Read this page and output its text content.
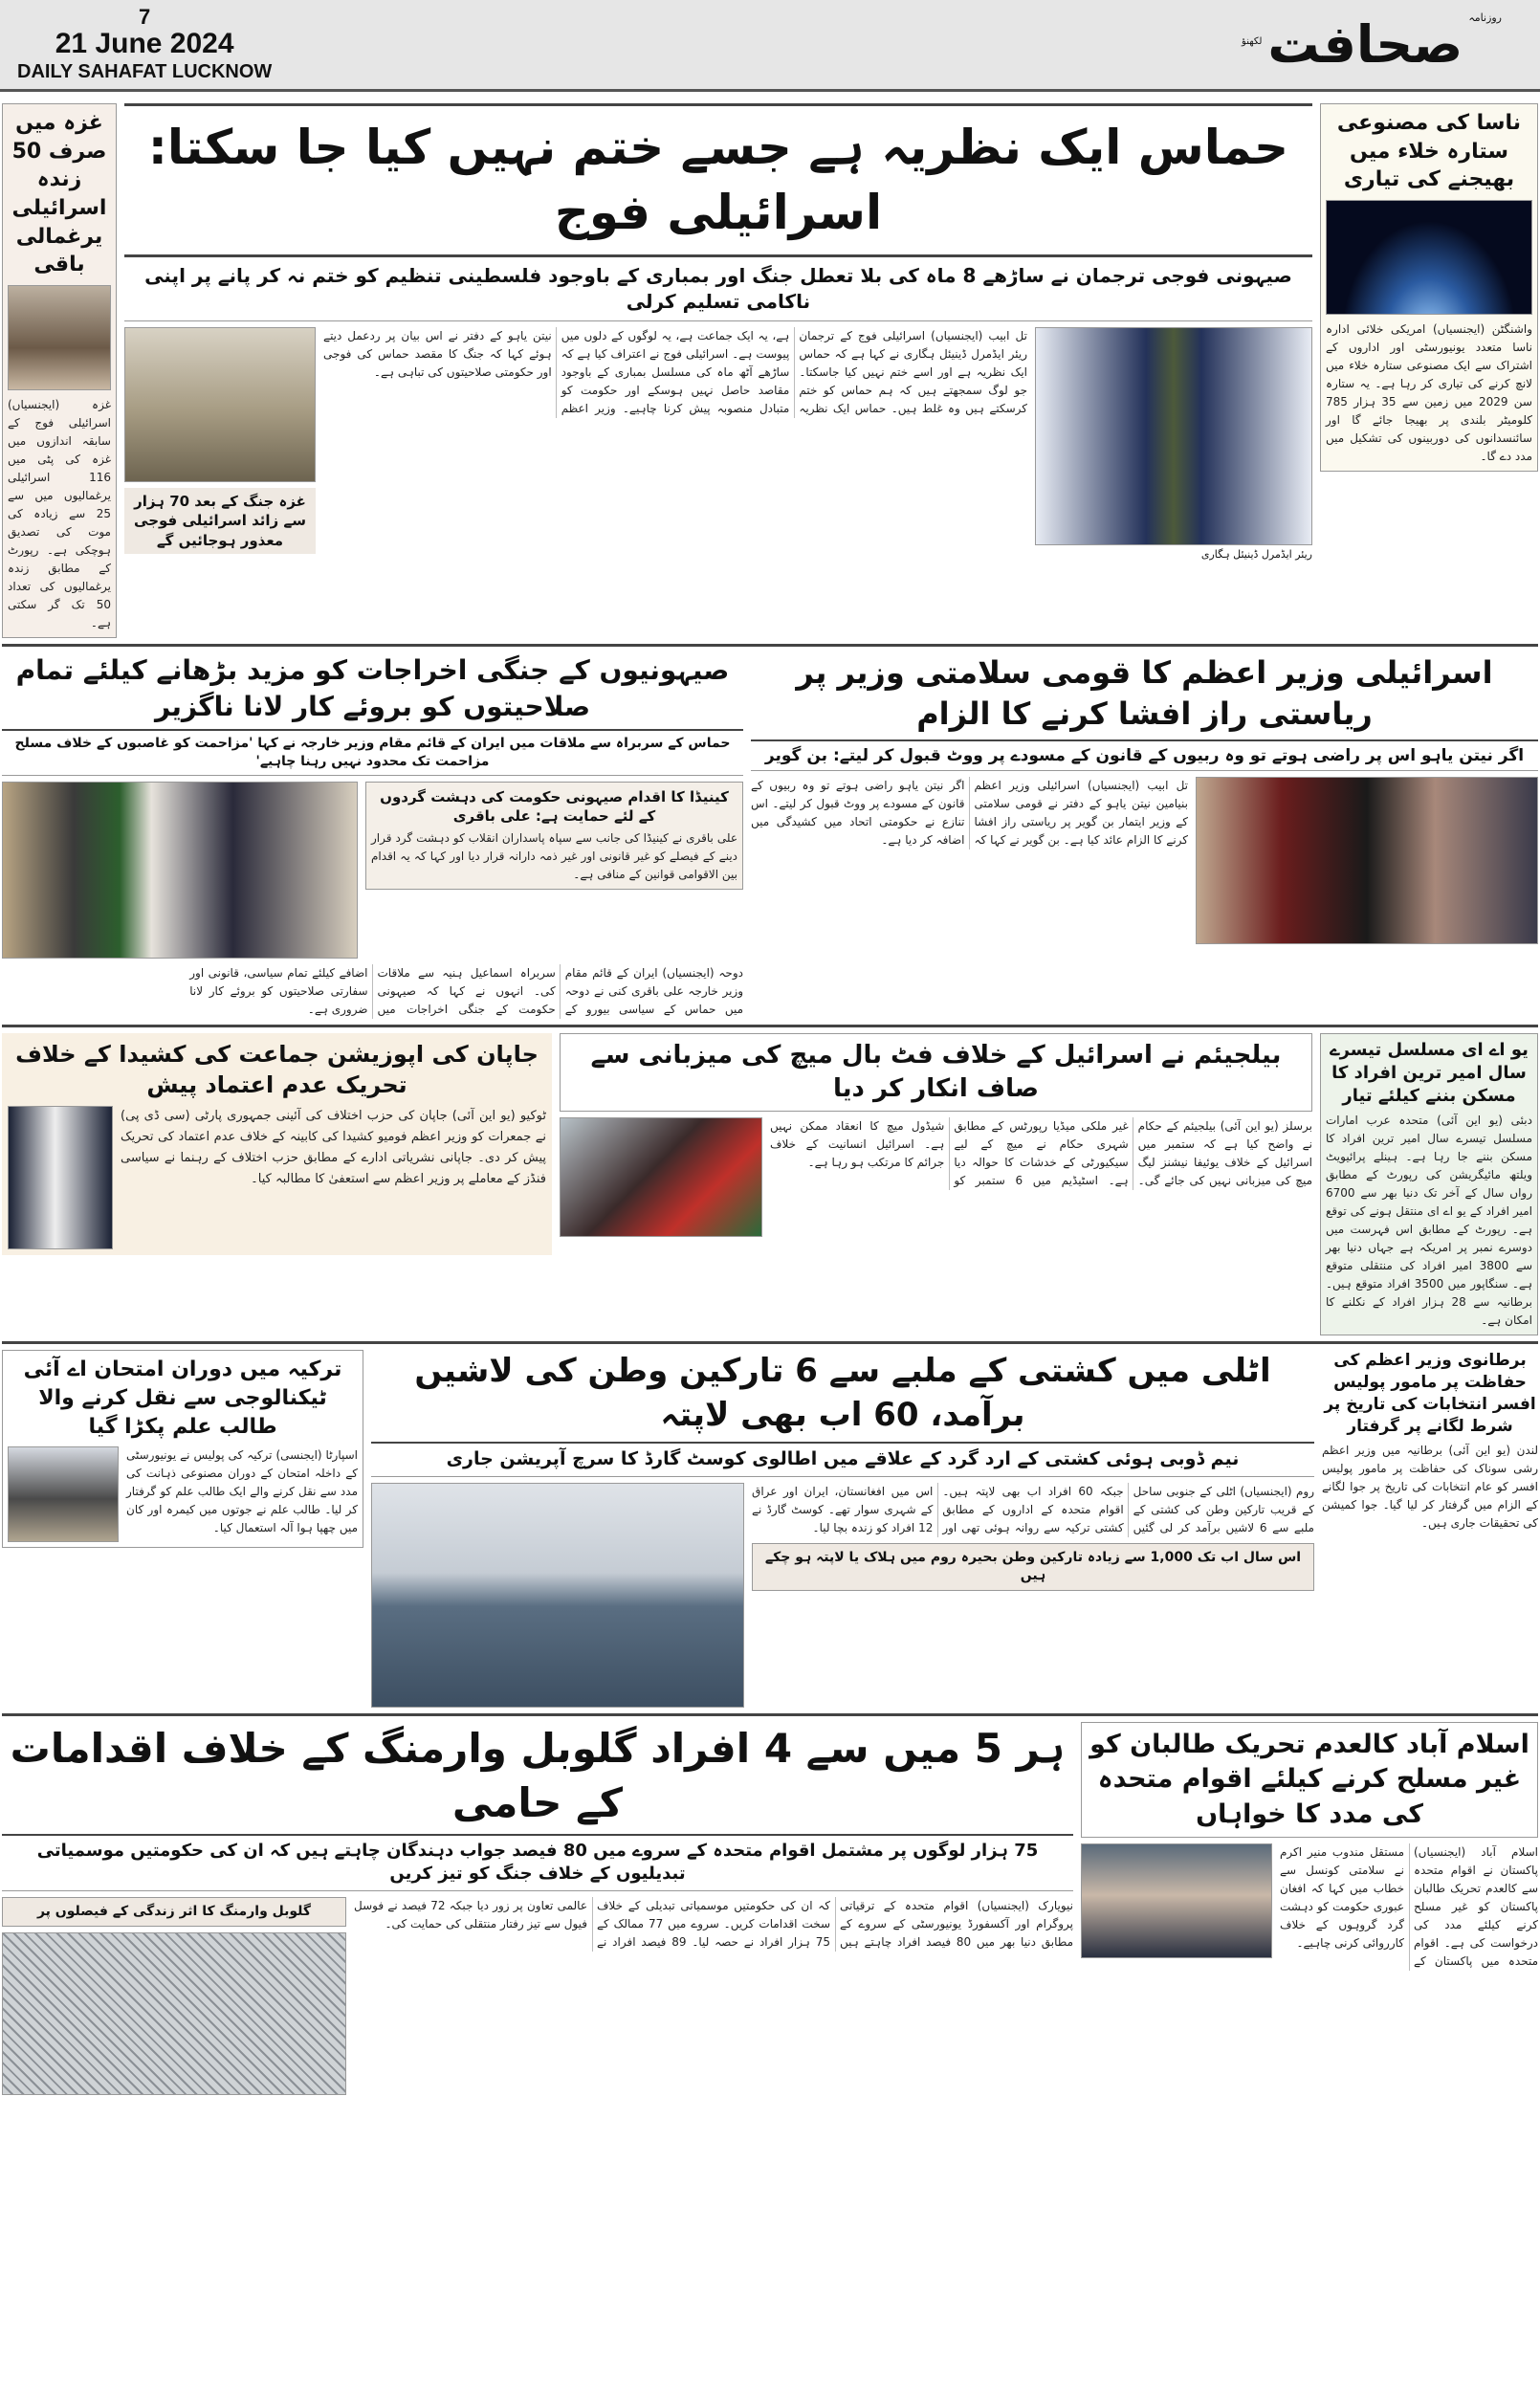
7
21 June 2024
DAILY SAHAFAT LUCKNOW
روزنامہ
صحافت
لکھنؤ
غزہ میں صرف 50 زندہ اسرائیلی یرغمالی باقی
غزہ (ایجنسیاں) اسرائیلی فوج کے سابقہ اندازوں میں غزہ کی پٹی میں 116 اسرائیلی یرغمالیوں میں سے 25 سے زیادہ کی موت کی تصدیق ہوچکی ہے۔ رپورٹ کے مطابق زندہ یرغمالیوں کی تعداد 50 تک گر سکتی ہے۔
حماس ایک نظریہ ہے جسے ختم نہیں کیا جا سکتا: اسرائیلی فوج
صیہونی فوجی ترجمان نے ساڑھے 8 ماہ کی بلا تعطل جنگ اور بمباری کے باوجود فلسطینی تنظیم کو ختم نہ کر پانے پر اپنی ناکامی تسلیم کرلی
ریئر ایڈمرل ڈینیئل ہگاری
تل ابیب (ایجنسیاں) اسرائیلی فوج کے ترجمان ریئر ایڈمرل ڈینیئل ہگاری نے کہا ہے کہ حماس ایک نظریہ ہے اور اسے ختم نہیں کیا جاسکتا۔ جو لوگ سمجھتے ہیں کہ ہم حماس کو ختم کرسکتے ہیں وہ غلط ہیں۔ حماس ایک نظریہ ہے، یہ ایک جماعت ہے، یہ لوگوں کے دلوں میں پیوست ہے۔ اسرائیلی فوج نے اعتراف کیا ہے کہ ساڑھے آٹھ ماہ کی مسلسل بمباری کے باوجود مقاصد حاصل نہیں ہوسکے اور حکومت کو متبادل منصوبہ پیش کرنا چاہیے۔ وزیر اعظم نیتن یاہو کے دفتر نے اس بیان پر ردعمل دیتے ہوئے کہا کہ جنگ کا مقصد حماس کی فوجی اور حکومتی صلاحیتوں کی تباہی ہے۔
غزہ جنگ کے بعد 70 ہزار سے زائد اسرائیلی فوجی معذور ہوجائیں گے
ناسا کی مصنوعی ستارہ خلاء میں بھیجنے کی تیاری
واشنگٹن (ایجنسیاں) امریکی خلائی ادارہ ناسا متعدد یونیورسٹی اور اداروں کے اشتراک سے ایک مصنوعی ستارہ خلاء میں لانچ کرنے کی تیاری کر رہا ہے۔ یہ ستارہ سن 2029 میں زمین سے 35 ہزار 785 کلومیٹر بلندی پر بھیجا جائے گا اور سائنسدانوں کی دوربینوں کی تشکیل میں مدد دے گا۔
صیہونیوں کے جنگی اخراجات کو مزید بڑھانے کیلئے تمام صلاحیتوں کو بروئے کار لانا ناگزیر
حماس کے سربراہ سے ملاقات میں ایران کے قائم مقام وزیر خارجہ نے کہا 'مزاحمت کو غاصبوں کے خلاف مسلح مزاحمت تک محدود نہیں رہنا چاہیے'
کینیڈا کا اقدام صیہونی حکومت کی دہشت گردوں کے لئے حمایت ہے: علی باقری
علی باقری نے کینیڈا کی جانب سے سپاہ پاسداران انقلاب کو دہشت گرد قرار دینے کے فیصلے کو غیر قانونی اور غیر ذمہ دارانہ قرار دیا اور کہا کہ یہ اقدام بین الاقوامی قوانین کے منافی ہے۔
دوحہ (ایجنسیاں) ایران کے قائم مقام وزیر خارجہ علی باقری کنی نے دوحہ میں حماس کے سیاسی بیورو کے سربراہ اسماعیل ہنیہ سے ملاقات کی۔ انہوں نے کہا کہ صیہونی حکومت کے جنگی اخراجات میں اضافے کیلئے تمام سیاسی، قانونی اور سفارتی صلاحیتوں کو بروئے کار لانا ضروری ہے۔
اسرائیلی وزیر اعظم کا قومی سلامتی وزیر پر ریاستی راز افشا کرنے کا الزام
اگر نیتن یاہو اس پر راضی ہوتے تو وہ ربیوں کے قانون کے مسودے پر ووٹ قبول کر لیتے: بن گویر
تل ابیب (ایجنسیاں) اسرائیلی وزیر اعظم بنیامین نیتن یاہو کے دفتر نے قومی سلامتی کے وزیر ایتمار بن گویر پر ریاستی راز افشا کرنے کا الزام عائد کیا ہے۔ بن گویر نے کہا کہ اگر نیتن یاہو راضی ہوتے تو وہ ربیوں کے قانون کے مسودے پر ووٹ قبول کر لیتے۔ اس تنازع نے حکومتی اتحاد میں کشیدگی میں اضافہ کر دیا ہے۔
جاپان کی اپوزیشن جماعت کی کشیدا کے خلاف تحریک عدم اعتماد پیش
ٹوکیو (یو این آئی) جاپان کی حزب اختلاف کی آئینی جمہوری پارٹی (سی ڈی پی) نے جمعرات کو وزیر اعظم فومیو کشیدا کی کابینہ کے خلاف عدم اعتماد کی تحریک پیش کر دی۔ جاپانی نشریاتی ادارے کے مطابق حزب اختلاف کے رہنما نے سیاسی فنڈز کے معاملے پر وزیر اعظم سے استعفیٰ کا مطالبہ کیا۔
بیلجیئم نے اسرائیل کے خلاف فٹ بال میچ کی میزبانی سے صاف انکار کر دیا
برسلز (یو این آئی) بیلجیئم کے حکام نے واضح کیا ہے کہ ستمبر میں اسرائیل کے خلاف یوئیفا نیشنز لیگ میچ کی میزبانی نہیں کی جائے گی۔ غیر ملکی میڈیا رپورٹس کے مطابق شہری حکام نے میچ کے لیے سیکیورٹی کے خدشات کا حوالہ دیا ہے۔ اسٹیڈیم میں 6 ستمبر کو شیڈول میچ کا انعقاد ممکن نہیں ہے۔ اسرائیل انسانیت کے خلاف جرائم کا مرتکب ہو رہا ہے۔
یو اے ای مسلسل تیسرے سال امیر ترین افراد کا مسکن بننے کیلئے تیار
دبئی (یو این آئی) متحدہ عرب امارات مسلسل تیسرے سال امیر ترین افراد کا مسکن بننے جا رہا ہے۔ ہینلے پرائیویٹ ویلتھ مائیگریشن کی رپورٹ کے مطابق رواں سال کے آخر تک دنیا بھر سے 6700 امیر افراد کے یو اے ای منتقل ہونے کی توقع ہے۔ رپورٹ کے مطابق اس فہرست میں دوسرے نمبر پر امریکہ ہے جہاں دنیا بھر سے 3800 امیر افراد کی منتقلی متوقع ہے۔ سنگاپور میں 3500 افراد متوقع ہیں۔ برطانیہ سے 28 ہزار افراد کے نکلنے کا امکان ہے۔
ترکیہ میں دوران امتحان اے آئی ٹیکنالوجی سے نقل کرنے والا طالب علم پکڑا گیا
اسپارٹا (ایجنسی) ترکیہ کی پولیس نے یونیورسٹی کے داخلہ امتحان کے دوران مصنوعی ذہانت کی مدد سے نقل کرنے والے ایک طالب علم کو گرفتار کر لیا۔ طالب علم نے جوتوں میں کیمرہ اور کان میں چھپا ہوا آلہ استعمال کیا۔
اٹلی میں کشتی کے ملبے سے 6 تارکین وطن کی لاشیں برآمد، 60 اب بھی لاپتہ
نیم ڈوبی ہوئی کشتی کے ارد گرد کے علاقے میں اطالوی کوسٹ گارڈ کا سرچ آپریشن جاری
روم (ایجنسیاں) اٹلی کے جنوبی ساحل کے قریب تارکین وطن کی کشتی کے ملبے سے 6 لاشیں برآمد کر لی گئیں جبکہ 60 افراد اب بھی لاپتہ ہیں۔ اقوام متحدہ کے اداروں کے مطابق کشتی ترکیہ سے روانہ ہوئی تھی اور اس میں افغانستان، ایران اور عراق کے شہری سوار تھے۔ کوسٹ گارڈ نے 12 افراد کو زندہ بچا لیا۔
اس سال اب تک 1,000 سے زیادہ تارکین وطن بحیرہ روم میں ہلاک یا لاپتہ ہو چکے ہیں
برطانوی وزیر اعظم کی حفاظت پر مامور پولیس افسر انتخابات کی تاریخ پر شرط لگانے پر گرفتار
لندن (یو این آئی) برطانیہ میں وزیر اعظم رشی سوناک کی حفاظت پر مامور پولیس افسر کو عام انتخابات کی تاریخ پر جوا لگانے کے الزام میں گرفتار کر لیا گیا۔ جوا کمیشن کی تحقیقات جاری ہیں۔
ہر 5 میں سے 4 افراد گلوبل وارمنگ کے خلاف اقدامات کے حامی
75 ہزار لوگوں پر مشتمل اقوام متحدہ کے سروے میں 80 فیصد جواب دہندگان چاہتے ہیں کہ ان کی حکومتیں موسمیاتی تبدیلیوں کے خلاف جنگ کو تیز کریں
نیویارک (ایجنسیاں) اقوام متحدہ کے ترقیاتی پروگرام اور آکسفورڈ یونیورسٹی کے سروے کے مطابق دنیا بھر میں 80 فیصد افراد چاہتے ہیں کہ ان کی حکومتیں موسمیاتی تبدیلی کے خلاف سخت اقدامات کریں۔ سروے میں 77 ممالک کے 75 ہزار افراد نے حصہ لیا۔ 89 فیصد افراد نے عالمی تعاون پر زور دیا جبکہ 72 فیصد نے فوسل فیول سے تیز رفتار منتقلی کی حمایت کی۔
گلوبل وارمنگ کا اثر زندگی کے فیصلوں پر
اسلام آباد کالعدم تحریک طالبان کو غیر مسلح کرنے کیلئے اقوام متحدہ کی مدد کا خواہاں
اسلام آباد (ایجنسیاں) پاکستان نے اقوام متحدہ سے کالعدم تحریک طالبان پاکستان کو غیر مسلح کرنے کیلئے مدد کی درخواست کی ہے۔ اقوام متحدہ میں پاکستان کے مستقل مندوب منیر اکرم نے سلامتی کونسل سے خطاب میں کہا کہ افغان عبوری حکومت کو دہشت گرد گروہوں کے خلاف کارروائی کرنی چاہیے۔
